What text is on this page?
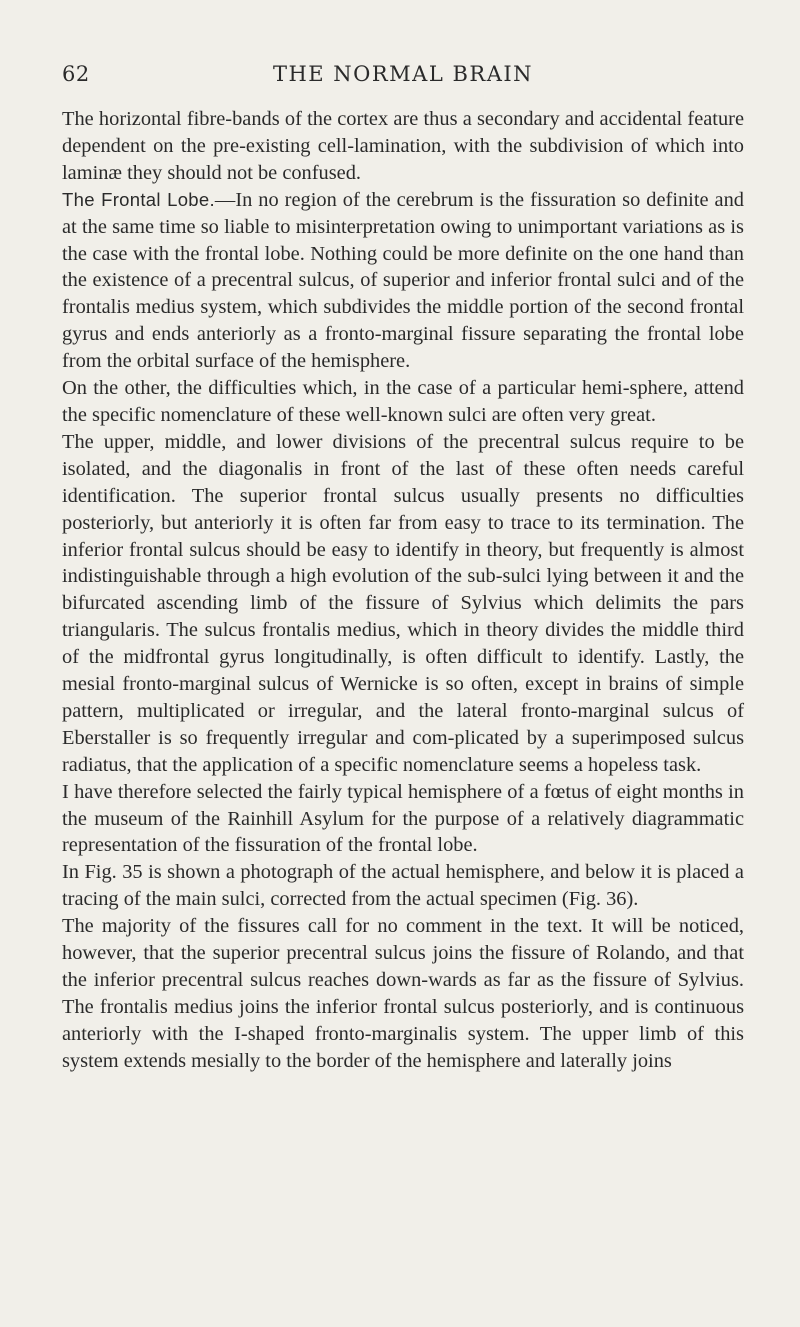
62	THE NORMAL BRAIN

The horizontal fibre-bands of the cortex are thus a secondary and accidental feature dependent on the pre-existing cell-lamination, with the subdivision of which into laminæ they should not be confused.

The Frontal Lobe.—In no region of the cerebrum is the fissuration so definite and at the same time so liable to misinterpretation owing to unimportant variations as is the case with the frontal lobe. Nothing could be more definite on the one hand than the existence of a precentral sulcus, of superior and inferior frontal sulci and of the frontalis medius system, which subdivides the middle portion of the second frontal gyrus and ends anteriorly as a fronto-marginal fissure separating the frontal lobe from the orbital surface of the hemisphere.

On the other, the difficulties which, in the case of a particular hemi-sphere, attend the specific nomenclature of these well-known sulci are often very great.

The upper, middle, and lower divisions of the precentral sulcus require to be isolated, and the diagonalis in front of the last of these often needs careful identification. The superior frontal sulcus usually presents no difficulties posteriorly, but anteriorly it is often far from easy to trace to its termination. The inferior frontal sulcus should be easy to identify in theory, but frequently is almost indistinguishable through a high evolution of the sub-sulci lying between it and the bifurcated ascending limb of the fissure of Sylvius which delimits the pars triangularis. The sulcus frontalis medius, which in theory divides the middle third of the midfrontal gyrus longitudinally, is often difficult to identify. Lastly, the mesial fronto-marginal sulcus of Wernicke is so often, except in brains of simple pattern, multiplicated or irregular, and the lateral fronto-marginal sulcus of Eberstaller is so frequently irregular and com-plicated by a superimposed sulcus radiatus, that the application of a specific nomenclature seems a hopeless task.

I have therefore selected the fairly typical hemisphere of a fœtus of eight months in the museum of the Rainhill Asylum for the purpose of a relatively diagrammatic representation of the fissuration of the frontal lobe.

In Fig. 35 is shown a photograph of the actual hemisphere, and below it is placed a tracing of the main sulci, corrected from the actual specimen (Fig. 36).

The majority of the fissures call for no comment in the text. It will be noticed, however, that the superior precentral sulcus joins the fissure of Rolando, and that the inferior precentral sulcus reaches down-wards as far as the fissure of Sylvius. The frontalis medius joins the inferior frontal sulcus posteriorly, and is continuous anteriorly with the I-shaped fronto-marginalis system. The upper limb of this system extends mesially to the border of the hemisphere and laterally joins
